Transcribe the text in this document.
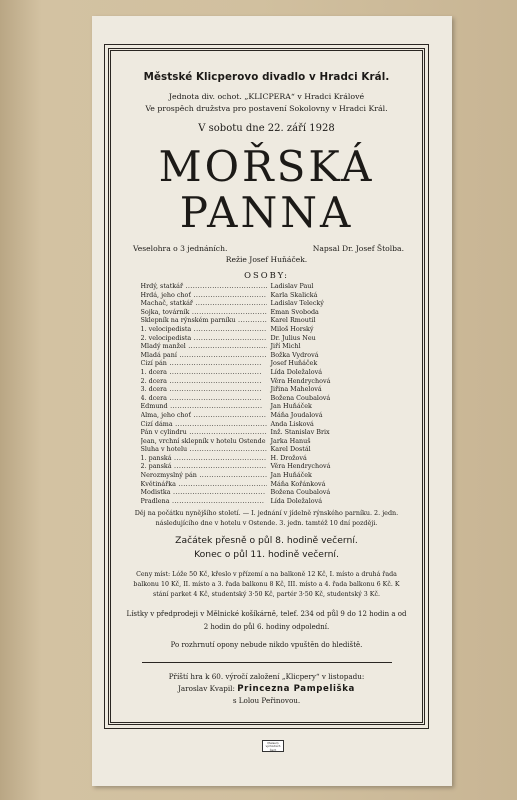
Městské Klicperovo divadlo v Hradci Král.

Jednota div. ochot. „KLICPERA“ v Hradci Králové

Ve prospěch družstva pro postavení Sokolovny v Hradci Král.

V sobotu dne 22. září 1928

MOŘSKÁ
PANNA
Veselohra o 3 jednáních.	Napsal Dr. Josef Štolba.

Režie Josef Huňáček.

OSOBY:

Hrdý, statkář .....	Ladislav Paul
Hrdá, jeho choť .....	Karla Skalická
Machač, statkář .....	Ladislav Telecký
Sojka, továrník .....	Eman Svoboda
Sklepník na rýnském parníku .....	Karel Rmoutil
1. velocipedista .....	Miloš Horský
2. velocipedista .....	Dr. Julius Neu
Mladý manžel .....	Jiří Michl
Mladá paní .....	Božka Vydrová
Cizí pán .....	Josef Huňáček
1. dcera .....	Lída Doležalová
2. dcera .....	Věra Hendrychová
3. dcera .....	Jiřina Mahelová
4. dcera .....	Božena Coubalová
Edmund .....	Jan Huňáček
Alma, jeho choť .....	Máňa Joudalová
Cizí dáma .....	Anda Lisková
Pán v cylindru .....	Inž. Stanislav Brix
Jean, vrchní sklepník v hotelu Ostende ..... Jarka Hanuš
Sluha v hotelu .....	Karel Dostál
1. panská .....	H. Drožová
2. panská .....	Věra Hendrychová
Nerozmyslný pán .....	Jan Huňáček
Květinářka .....	Máňa Kořánková
Modistka .....	Božena Coubalová
Pradlena .....	Lída Doležalová

Děj na počátku nynějšího století. — I. jednání v jídelně rýnského parníku. 2. jedn. následujícího dne v hotelu v Ostende. 3. jedn. tamtéž 10 dní později.

Začátek přesně o půl 8. hodině večerní.

Konec o půl 11. hodině večerní.

Ceny míst: Lóže 50 Kč, křeslo v přízemí a na balkoně 12 Kč, I. místo a druhá řada balkonu 10 Kč, II. místo a 3. řada balkonu 8 Kč, III. místo a 4. řada balkonu 6 Kč. K stání parket 4 Kč, studentský 3·50 Kč, partér 3·50 Kč, studentský 3 Kč.

Lístky v předprodeji v Mělnické košíkárně, telef. 234 od půl 9 do 12 hodin a od 2 hodin do půl 6. hodiny odpolední.

Po rozhrnutí opony nebude nikdo vpuštěn do hlediště.

Příští hra k 60. výročí založení „Klicpery“ v listopadu:

Jaroslav Kvapil: Princezna Pampeliška

s Lolou Peřinovou.

Muzeum východních Čech
